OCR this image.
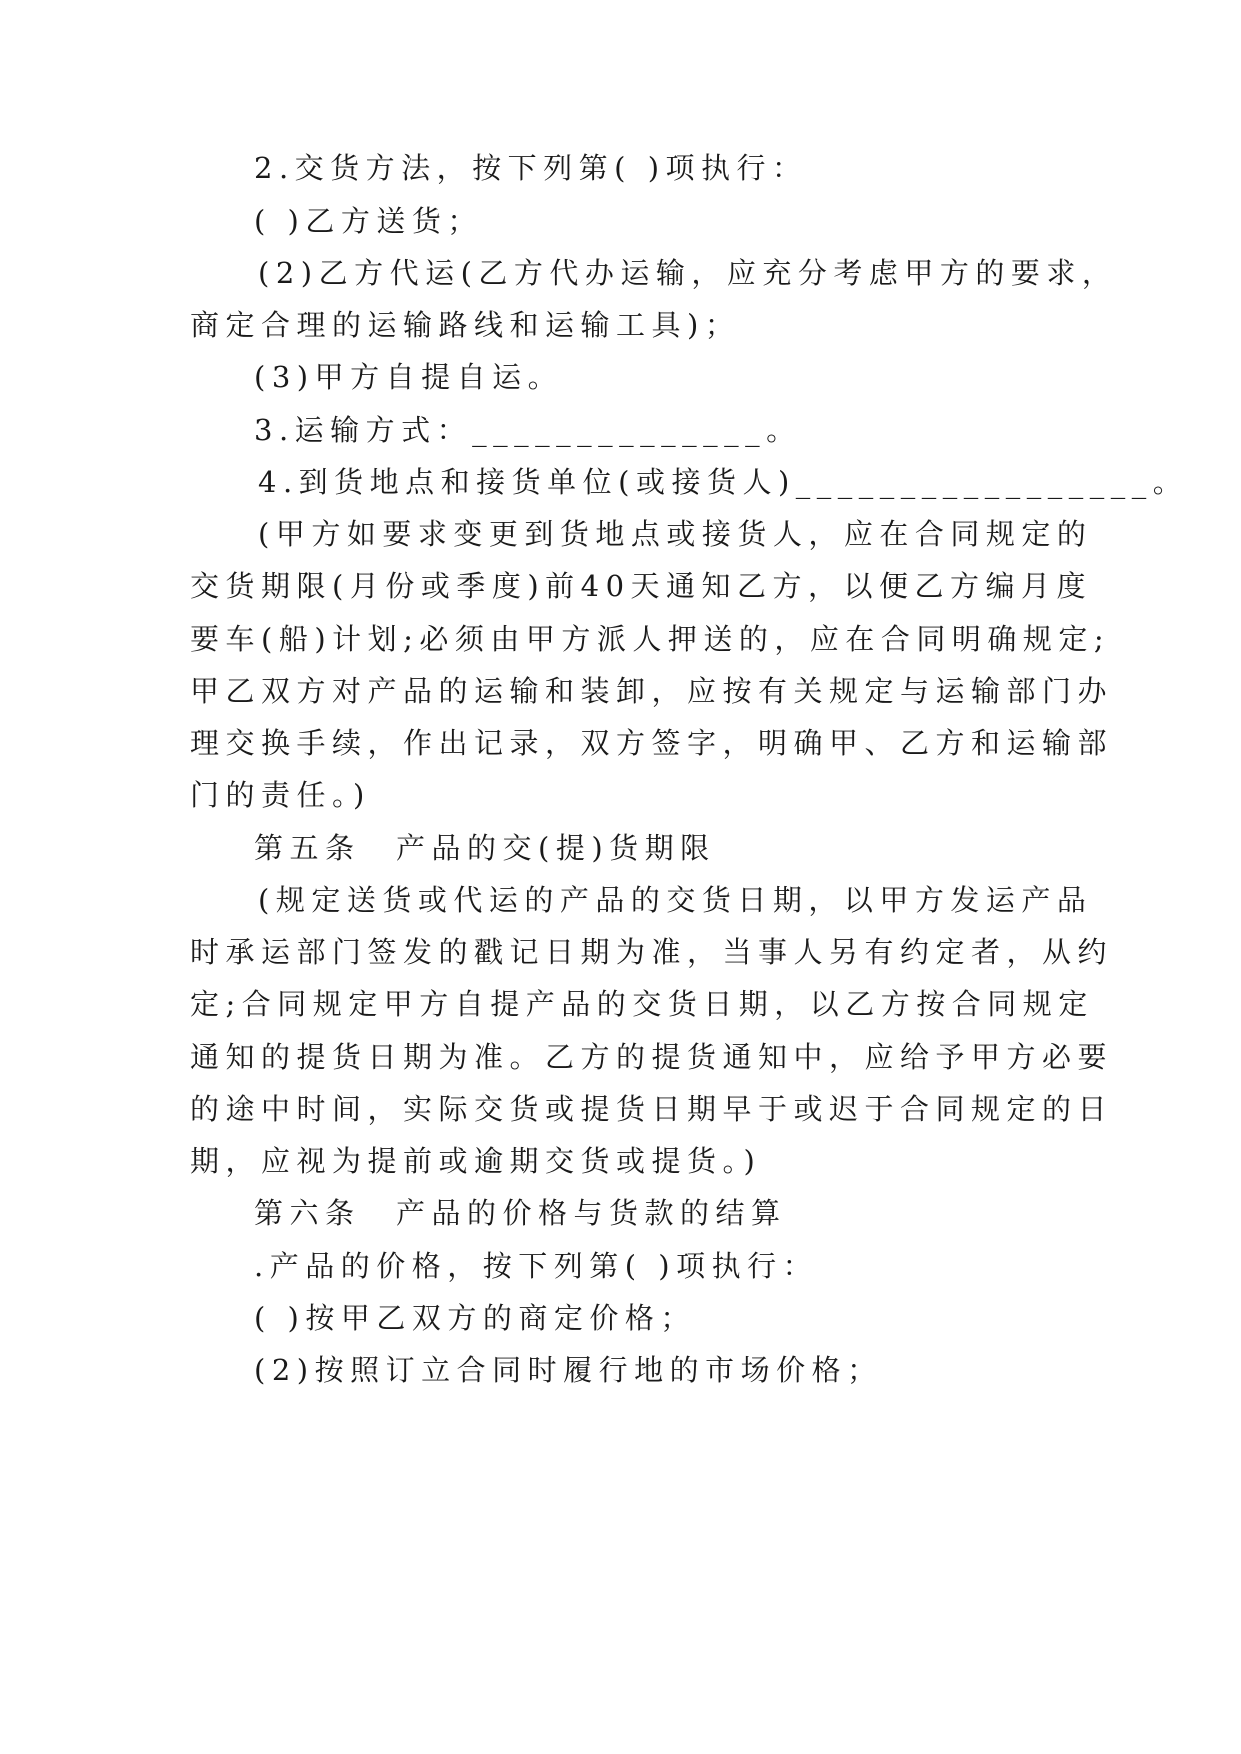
2.交货方法，按下列第( )项执行：
( )乙方送货；
(2)乙方代运(乙方代办运输，应充分考虑甲方的要求，
商定合理的运输路线和运输工具)；
(3)甲方自提自运。
3.运输方式：______________。
4.到货地点和接货单位(或接货人)_________________。
(甲方如要求变更到货地点或接货人，应在合同规定的
交货期限(月份或季度)前40天通知乙方，以便乙方编月度
要车(船)计划;必须由甲方派人押送的，应在合同明确规定;
甲乙双方对产品的运输和装卸，应按有关规定与运输部门办
理交换手续，作出记录，双方签字，明确甲、乙方和运输部
门的责任。)
第五条　产品的交(提)货期限
(规定送货或代运的产品的交货日期，以甲方发运产品
时承运部门签发的戳记日期为准，当事人另有约定者，从约
定;合同规定甲方自提产品的交货日期，以乙方按合同规定
通知的提货日期为准。乙方的提货通知中，应给予甲方必要
的途中时间，实际交货或提货日期早于或迟于合同规定的日
期，应视为提前或逾期交货或提货。)
第六条　产品的价格与货款的结算
.产品的价格，按下列第( )项执行：
( )按甲乙双方的商定价格；
(2)按照订立合同时履行地的市场价格；
